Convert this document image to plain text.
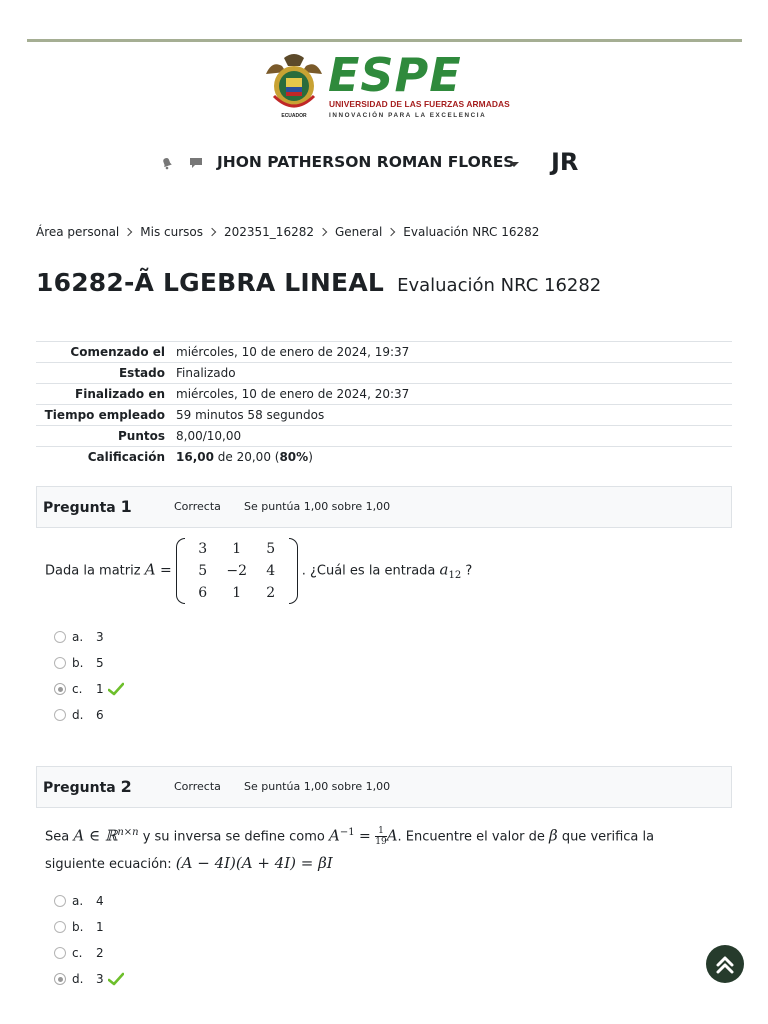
ECUADOR
ESPE
UNIVERSIDAD DE LAS FUERZAS ARMADAS
INNOVACIÓN PARA LA EXCELENCIA
JHON PATHERSON ROMAN FLORES JR
Área personal Mis cursos 202351_16282 General Evaluación NRC 16282
16282-Ã LGEBRA LINEAL Evaluación NRC 16282
Comenzado el	miércoles, 10 de enero de 2024, 19:37
Estado	Finalizado
Finalizado en	miércoles, 10 de enero de 2024, 20:37
Tiempo empleado	59 minutos 58 segundos
Puntos	8,00/10,00
Calificación	16,00 de 20,00 (80%)
Pregunta 1	Correcta Se puntúa 1,00 sobre 1,00
Dada la matriz A =
3	1	5
5	−2	4
6	1	2
. ¿Cuál es la entrada $a_{12}$ ?
a.	3
b.	5
c.	1
d.	6
Pregunta 2	Correcta Se puntúa 1,00 sobre 1,00
Sea A ∈ ℝ$^{n\times n}$ y su inversa se define como $A^{-1} = \frac{1}{19} A$. Encuentre el valor de β que verifica la
siguiente ecuación: (A − 4I)(A + 4I) = βI
a.	4
b.	1
c.	2
d.	3
